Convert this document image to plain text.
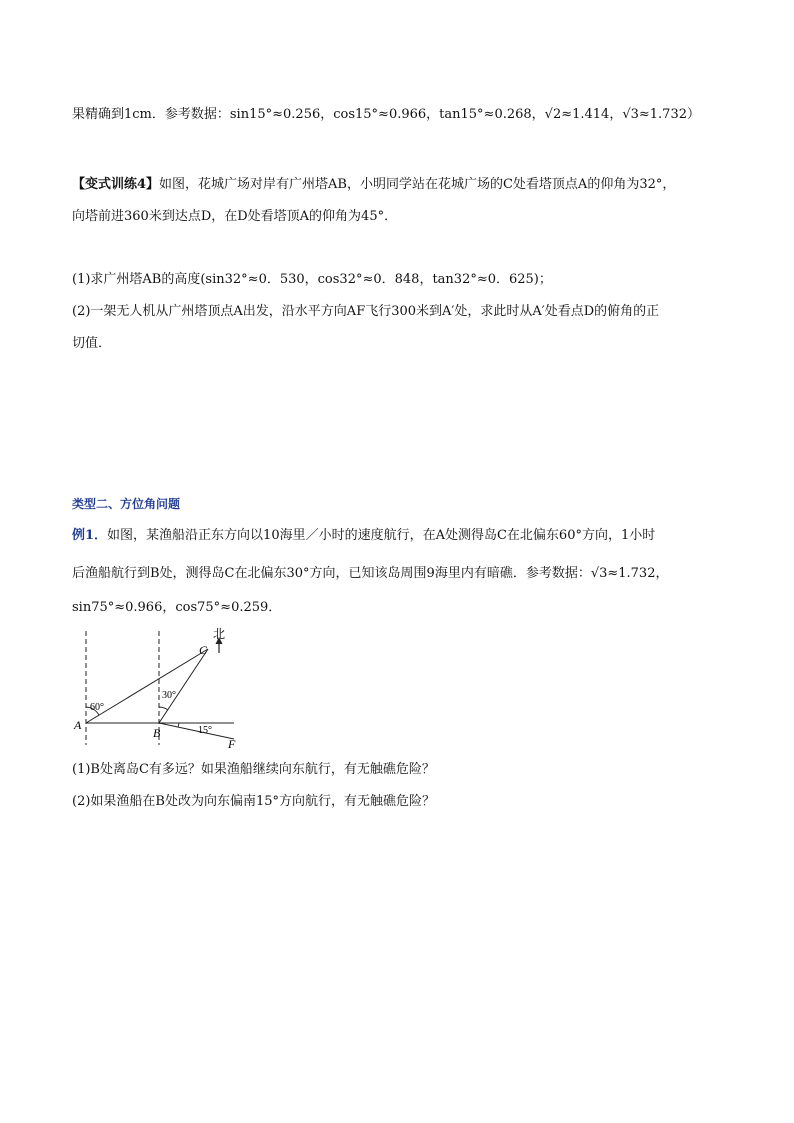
果精确到1cm．参考数据：sin15°≈0.256，cos15°≈0.966，tan15°≈0.268，√2≈1.414，√3≈1.732）
【变式训练4】如图，花城广场对岸有广州塔AB，小明同学站在花城广场的C处看塔顶点A的仰角为32°，
向塔前进360米到达点D，在D处看塔顶A的仰角为45°．
(1)求广州塔AB的高度(sin32°≈0．530，cos32°≈0．848，tan32°≈0．625)；
(2)一架无人机从广州塔顶点A出发，沿水平方向AF飞行300米到A′处，求此时从A′处看点D的俯角的正
切值．
类型二、方位角问题
例1．如图，某渔船沿正东方向以10海里／小时的速度航行，在A处测得岛C在北偏东60°方向，1小时
后渔船航行到B处，测得岛C在北偏东30°方向，已知该岛周围9海里内有暗礁．参考数据：√3≈1.732，
sin75°≈0.966，cos75°≈0.259．
北
C
A
B
F
60°
30°
15°
(1)B处离岛C有多远？如果渔船继续向东航行，有无触礁危险？
(2)如果渔船在B处改为向东偏南15°方向航行，有无触礁危险？
